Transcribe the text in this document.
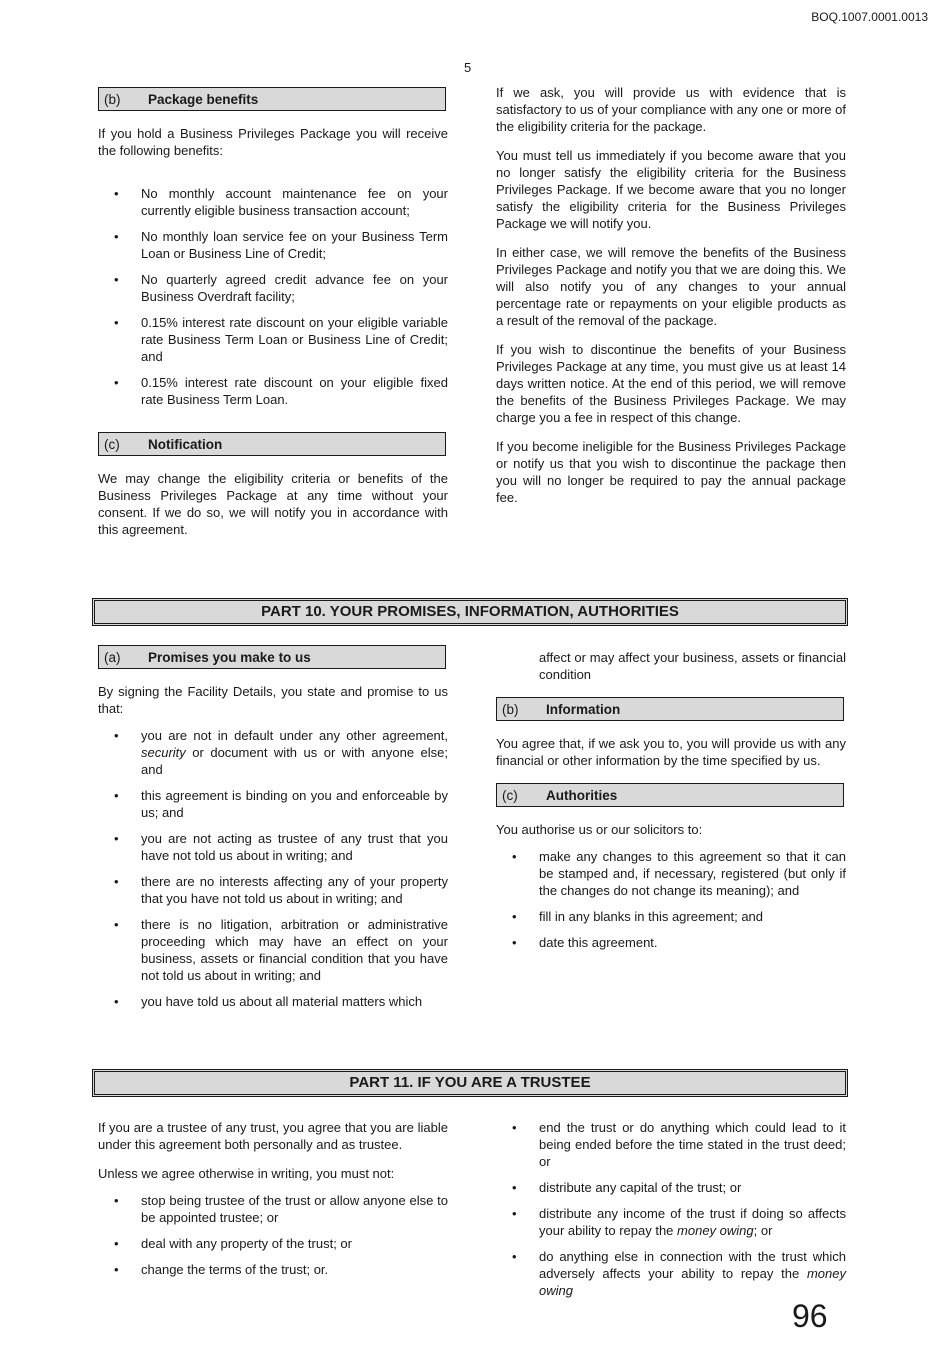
BOQ.1007.0001.0013
5
(b)	Package benefits

If you hold a Business Privileges Package you will receive the following benefits:

• No monthly account maintenance fee on your currently eligible business transaction account;
• No monthly loan service fee on your Business Term Loan or Business Line of Credit;
• No quarterly agreed credit advance fee on your Business Overdraft facility;
• 0.15% interest rate discount on your eligible variable rate Business Term Loan or Business Line of Credit; and
• 0.15% interest rate discount on your eligible fixed rate Business Term Loan.
(c)	Notification

We may change the eligibility criteria or benefits of the Business Privileges Package at any time without your consent. If we do so, we will notify you in accordance with this agreement.

If we ask, you will provide us with evidence that is satisfactory to us of your compliance with any one or more of the eligibility criteria for the package.

You must tell us immediately if you become aware that you no longer satisfy the eligibility criteria for the Business Privileges Package. If we become aware that you no longer satisfy the eligibility criteria for the Business Privileges Package we will notify you.

In either case, we will remove the benefits of the Business Privileges Package and notify you that we are doing this. We will also notify you of any changes to your annual percentage rate or repayments on your eligible products as a result of the removal of the package.

If you wish to discontinue the benefits of your Business Privileges Package at any time, you must give us at least 14 days written notice. At the end of this period, we will remove the benefits of the Business Privileges Package. We may charge you a fee in respect of this change.

If you become ineligible for the Business Privileges Package or notify us that you wish to discontinue the package then you will no longer be required to pay the annual package fee.

PART 10. YOUR PROMISES, INFORMATION, AUTHORITIES
(a)	Promises you make to us

By signing the Facility Details, you state and promise to us that:

• you are not in default under any other agreement, security or document with us or with anyone else; and
• this agreement is binding on you and enforceable by us; and
• you are not acting as trustee of any trust that you have not told us about in writing; and
• there are no interests affecting any of your property that you have not told us about in writing; and
• there is no litigation, arbitration or administrative proceeding which may have an effect on your business, assets or financial condition that you have not told us about in writing; and
• you have told us about all material matters which

affect or may affect your business, assets or financial condition

(b)	Information

You agree that, if we ask you to, you will provide us with any financial or other information by the time specified by us.

(c)	Authorities

You authorise us or our solicitors to:

• make any changes to this agreement so that it can be stamped and, if necessary, registered (but only if the changes do not change its meaning); and
• fill in any blanks in this agreement; and
• date this agreement.
PART 11. IF YOU ARE A TRUSTEE

If you are a trustee of any trust, you agree that you are liable under this agreement both personally and as trustee.

Unless we agree otherwise in writing, you must not:

• stop being trustee of the trust or allow anyone else to be appointed trustee; or
• deal with any property of the trust; or
• change the terms of the trust; or.
• end the trust or do anything which could lead to it being ended before the time stated in the trust deed; or
• distribute any capital of the trust; or
• distribute any income of the trust if doing so affects your ability to repay the money owing; or
• do anything else in connection with the trust which adversely affects your ability to repay the money owing
96
